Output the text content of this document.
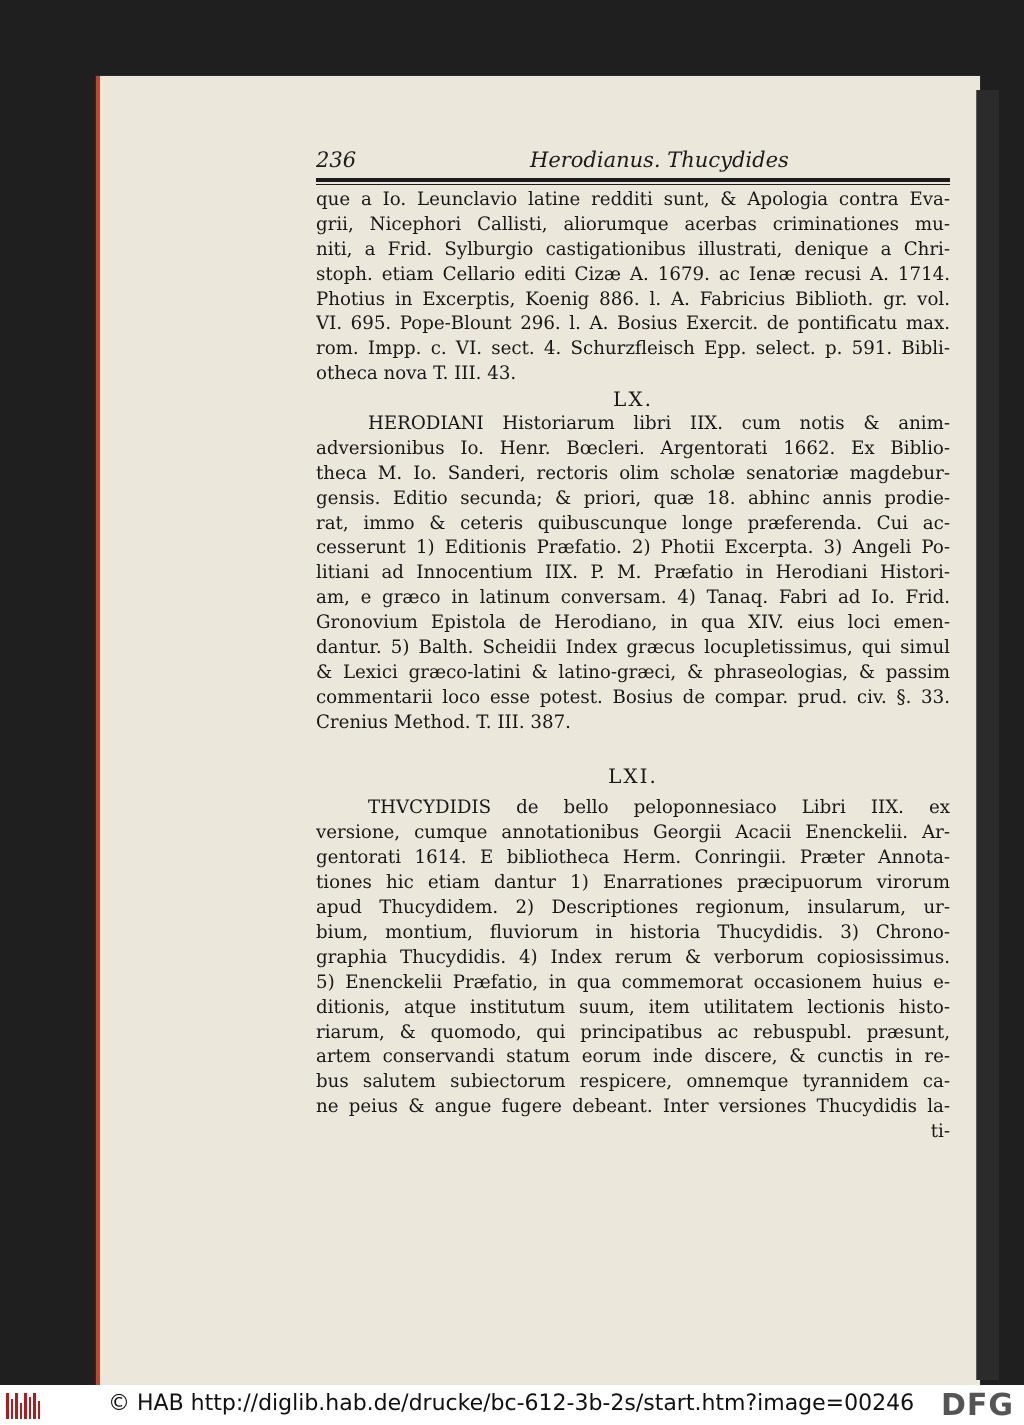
236	Herodianus. Thucydides
que a Io. Leunclavio latine redditi sunt, & Apologia contra Eva-
grii, Nicephori Callisti, aliorumque acerbas criminationes mu-
niti, a Frid. Sylburgio castigationibus illustrati, denique a Chri-
stoph. etiam Cellario editi Cizæ A. 1679. ac Ienæ recusi A. 1714.
Photius in Excerptis, Koenig 886. l. A. Fabricius Biblioth. gr. vol.
VI. 695. Pope-Blount 296. l. A. Bosius Exercit. de pontificatu max.
rom. Impp. c. VI. sect. 4. Schurzfleisch Epp. select. p. 591. Bibli-
otheca nova T. III. 43.
LX.
HERODIANI Historiarum libri IIX. cum notis & anim-
adversionibus Io. Henr. Bœcleri. Argentorati 1662. Ex Biblio-
theca M. Io. Sanderi, rectoris olim scholæ senatoriæ magdebur-
gensis. Editio secunda; & priori, quæ 18. abhinc annis prodie-
rat, immo & ceteris quibuscunque longe præferenda. Cui ac-
cesserunt 1) Editionis Præfatio. 2) Photii Excerpta. 3) Angeli Po-
litiani ad Innocentium IIX. P. M. Præfatio in Herodiani Histori-
am, e græco in latinum conversam. 4) Tanaq. Fabri ad Io. Frid.
Gronovium Epistola de Herodiano, in qua XIV. eius loci emen-
dantur. 5) Balth. Scheidii Index græcus locupletissimus, qui simul
& Lexici græco-latini & latino-græci, & phraseologias, & passim
commentarii loco esse potest. Bosius de compar. prud. civ. §. 33.
Crenius Method. T. III. 387.
LXI.
THVCYDIDIS de bello peloponnesiaco Libri IIX. ex
versione, cumque annotationibus Georgii Acacii Enenckelii. Ar-
gentorati 1614. E bibliotheca Herm. Conringii. Præter Annota-
tiones hic etiam dantur 1) Enarrationes præcipuorum virorum
apud Thucydidem. 2) Descriptiones regionum, insularum, ur-
bium, montium, fluviorum in historia Thucydidis. 3) Chrono-
graphia Thucydidis. 4) Index rerum & verborum copiosissimus.
5) Enenckelii Præfatio, in qua commemorat occasionem huius e-
ditionis, atque institutum suum, item utilitatem lectionis histo-
riarum, & quomodo, qui principatibus ac rebuspubl. præsunt,
artem conservandi statum eorum inde discere, & cunctis in re-
bus salutem subiectorum respicere, omnemque tyrannidem ca-
ne peius & angue fugere debeant. Inter versiones Thucydidis la-
ti-
© HAB http://diglib.hab.de/drucke/bc-612-3b-2s/start.htm?image=00246 DFG
